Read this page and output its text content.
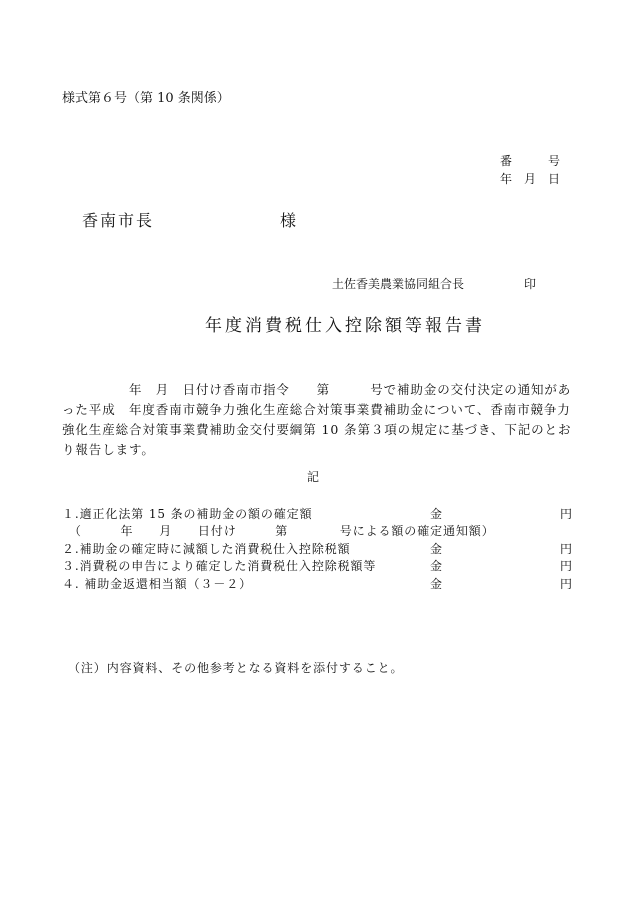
様式第６号（第 10 条関係）
番　　　号
年　月　日
香南市長　　　　　　　様
土佐香美農業協同組合長　　　　　印
年度消費税仕入控除額等報告書
　　　　　年　月　日付け香南市指令　　第　　　号で補助金の交付決定の通知があった平成　年度香南市競争力強化生産総合対策事業費補助金について、香南市競争力強化生産総合対策事業費補助金交付要綱第 10 条第３項の規定に基づき、下記のとおり報告します。
記
１.適正化法第 15 条の補助金の額の確定額	金	円
　（　　　年　　月　　日付け　　　第　　　　号による額の確定通知額）
２.補助金の確定時に減額した消費税仕入控除税額	金	円
３.消費税の申告により確定した消費税仕入控除税額等	金	円
４. 補助金返還相当額（３－２）	金	円
（注）内容資料、その他参考となる資料を添付すること。
